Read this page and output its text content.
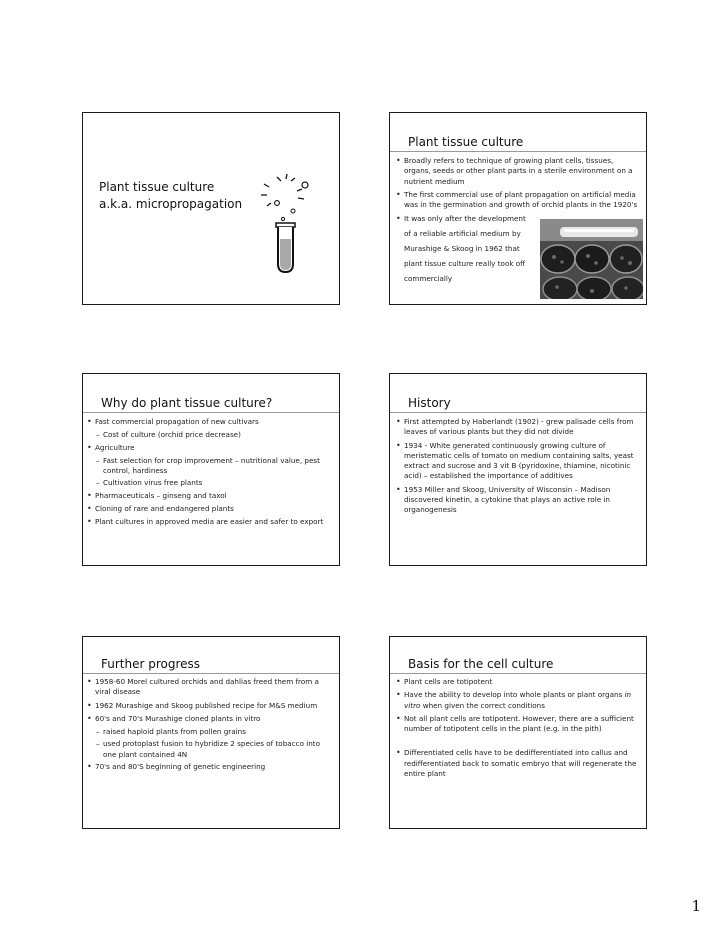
Plant tissue culture
a.k.a. micropropagation
Plant tissue culture
• Broadly refers to technique of growing plant cells, tissues, organs, seeds or other plant parts in a sterile environment on a nutrient medium
• The first commercial use of plant propagation on artificial media was in the germination and growth of orchid plants in the 1920's
• It was only after the development
of a reliable artificial medium by
Murashige & Skoog in 1962 that
plant tissue culture really took off
commercially
Why do plant tissue culture?
• Fast commercial propagation of new cultivars
– Cost of culture (orchid price decrease)
• Agriculture
– Fast selection for crop improvement – nutritional value, pest control, hardiness
– Cultivation virus free plants
• Pharmaceuticals – ginseng and taxol
• Cloning of rare and endangered plants
• Plant cultures in approved media are easier and safer to export
History
• First attempted by Haberlandt (1902) - grew palisade cells from leaves of various plants but they did not divide
• 1934 - White generated continuously growing culture of meristematic cells of tomato on medium containing salts, yeast extract and sucrose and 3 vit B (pyridoxine, thiamine, nicotinic acid) – established the importance of additives
• 1953 Miller and Skoog, University of Wisconsin – Madison discovered kinetin, a cytokine that plays an active role in organogenesis
Further progress
• 1958-60 Morel cultured orchids and dahlias freed them from a viral disease
• 1962 Murashige and Skoog published recipe for M&S medium
• 60's and 70's Murashige cloned plants in vitro
– raised haploid plants from pollen grains
– used protoplast fusion to hybridize 2 species of tobacco into one plant contained 4N
• 70's and 80'S beginning of genetic engineering
Basis for the cell culture
• Plant cells are totipotent
• Have the ability to develop into whole plants or plant organs in vitro when given the correct conditions
• Not all plant cells are totipotent. However, there are a sufficient number of totipotent cells in the plant (e.g. in the pith)
• Differentiated cells have to be dedifferentiated into callus and redifferentiated back to somatic embryo that will regenerate the entire plant
1
